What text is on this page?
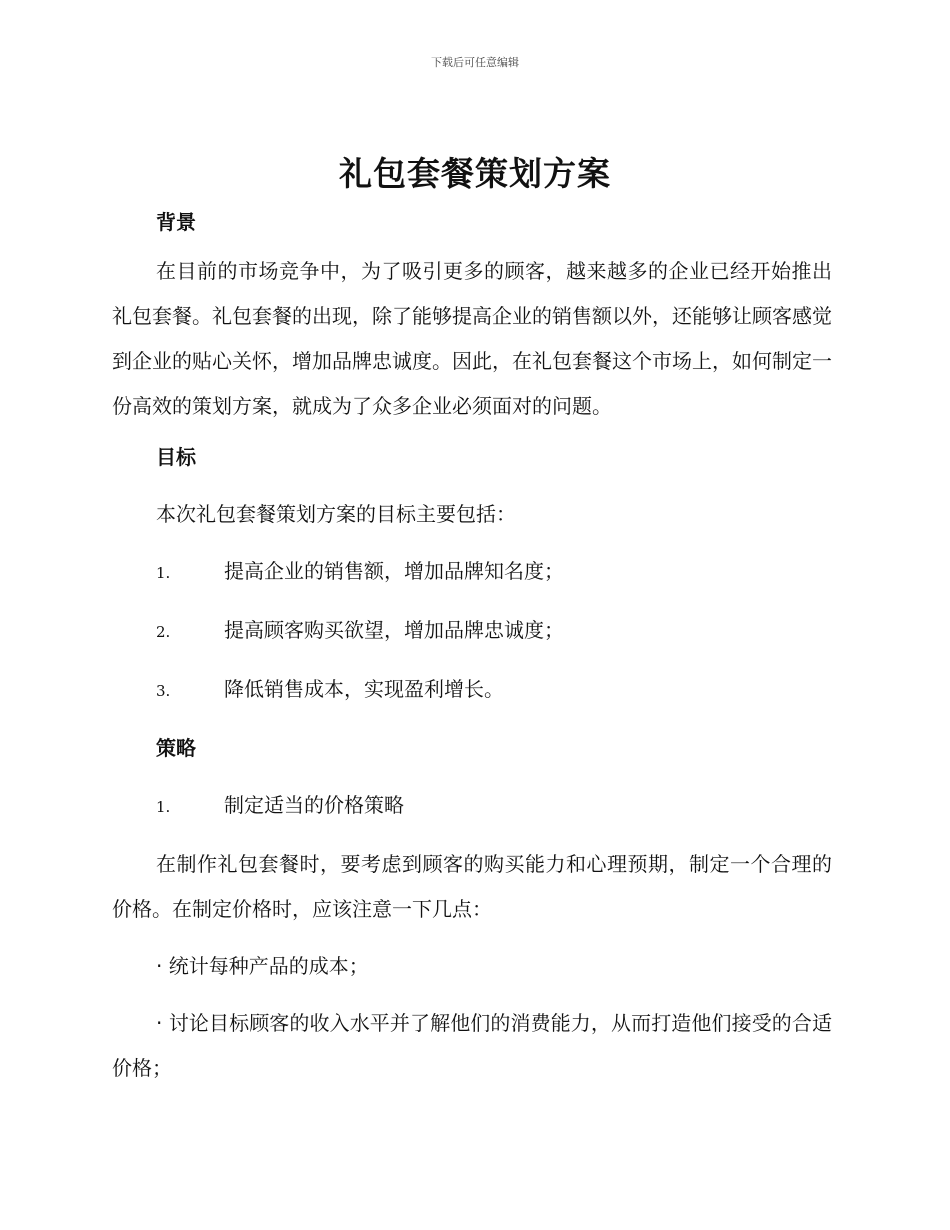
下载后可任意编辑
礼包套餐策划方案
背景

在目前的市场竞争中，为了吸引更多的顾客，越来越多的企业已经开始推出礼包套餐。礼包套餐的出现，除了能够提高企业的销售额以外，还能够让顾客感觉到企业的贴心关怀，增加品牌忠诚度。因此，在礼包套餐这个市场上，如何制定一份高效的策划方案，就成为了众多企业必须面对的问题。

目标

本次礼包套餐策划方案的目标主要包括：

1.	提高企业的销售额，增加品牌知名度；
2.	提高顾客购买欲望，增加品牌忠诚度；
3.	降低销售成本，实现盈利增长。
策略
1.	制定适当的价格策略

在制作礼包套餐时，要考虑到顾客的购买能力和心理预期，制定一个合理的价格。在制定价格时，应该注意一下几点：

· 统计每种产品的成本；

· 讨论目标顾客的收入水平并了解他们的消费能力，从而打造他们接受的合适价格；
